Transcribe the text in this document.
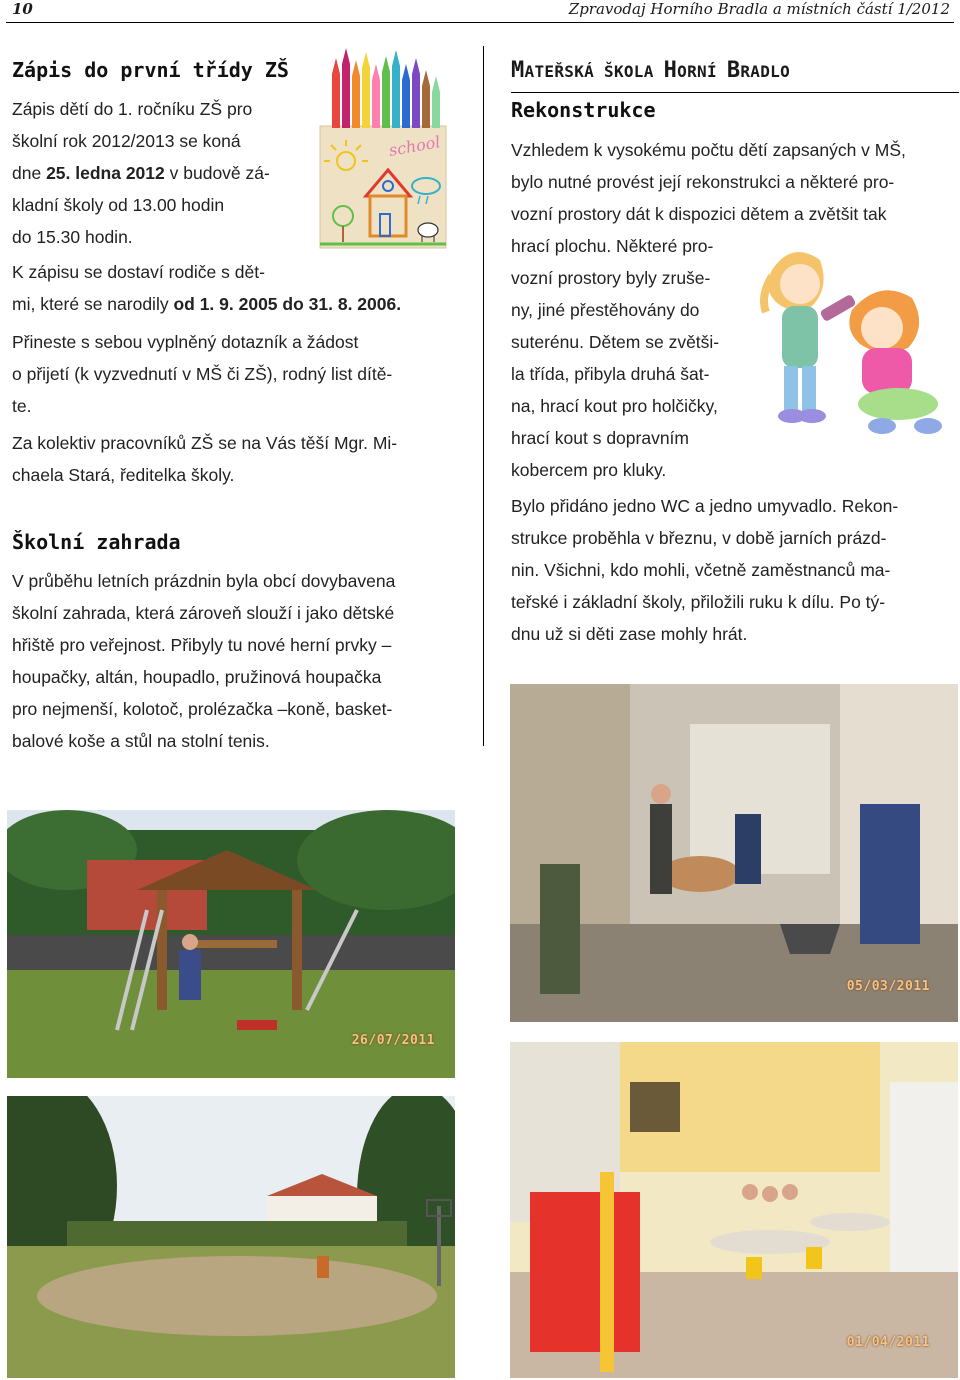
10	Zpravodaj Horního Bradla a místních částí 1/2012
Zápis do první třídy ZŠ
Zápis dětí do 1. ročníku ZŠ pro
školní rok 2012/2013 se koná
dne 25. ledna 2012 v budově zá-
kladní školy od 13.00 hodin
do 15.30 hodin.
K zápisu se dostaví rodiče s dět-
mi, které se narodily od 1. 9. 2005 do 31. 8. 2006.
Přineste s sebou vyplněný dotazník a žádost
o přijetí (k vyzvednutí v MŠ či ZŠ), rodný list dítě-
te.
Za kolektiv pracovníků ZŠ se na Vás těší Mgr. Mi-
chaela Stará, ředitelka školy.
school
Školní zahrada
V průběhu letních prázdnin byla obcí dovybavena
školní zahrada, která zároveň slouží i jako dětské
hřiště pro veřejnost. Přibyly tu nové herní prvky –
houpačky, altán, houpadlo, pružinová houpačka
pro nejmenší, kolotoč, prolézačka –koně, basket-
balové koše a stůl na stolní tenis.
MATEŘSKÁ ŠKOLA HORNÍ BRADLO
Rekonstrukce
Vzhledem k vysokému počtu dětí zapsaných v MŠ,
bylo nutné provést její rekonstrukci a některé pro-
vozní prostory dát k dispozici dětem a zvětšit tak
hrací plochu. Některé pro-
vozní prostory byly zruše-
ny, jiné přestěhovány do
suterénu. Dětem se zvětši-
la třída, přibyla druhá šat-
na, hrací kout pro holčičky,
hrací kout s dopravním
kobercem pro kluky.
Bylo přidáno jedno WC a jedno umyvadlo. Rekon-
strukce proběhla v březnu, v době jarních prázd-
nin. Všichni, kdo mohli, včetně zaměstnanců ma-
teřské i základní školy, přiložili ruku k dílu. Po tý-
dnu už si děti zase mohly hrát.
26/07/2011
05/03/2011
01/04/2011
